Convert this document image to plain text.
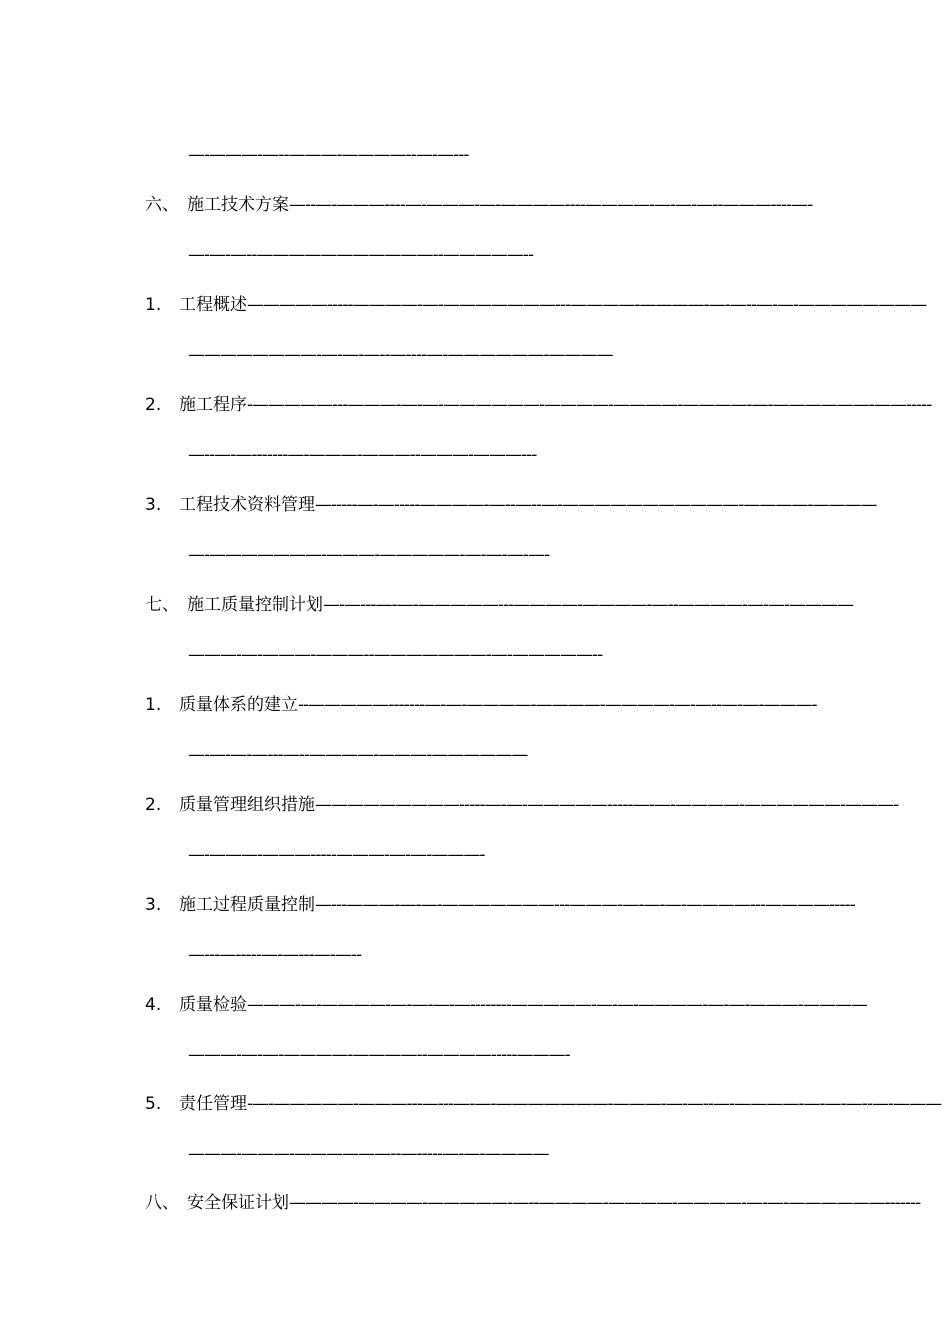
—-———-—--———-————--—-—---
六、 施工技术方案—--—-———----—-———-—-————----————-—-—-—--———----—-
—-—-—--———————————--—————--
1. 工程概述—————-----————-—-———————---————-————-—-—--—-—-————————
————————-—-—-—--—----—-——————-————
2. 施工程序-—————---———-—-—-——————-————-————-————-—-——————-——-----
—--—-—-------—-———-———--———-———---
3. 工程技术资料管理—-----—-—-----————-—--—--—-———————————-————-————
—-———————-———-—————-—-—-—-—-
七、 施工质量控制计划—-—---—-—-—————---————-————-—--————-—-—-————
———-—-———-———--———————-—-—————--
1. 质量体系的建立--—————-------—-—-————-————-————-—-—--—-—-———-
—-—-—-—---—--————-———-——————
2. 质量管理组织措施—————————-----—-—-—————-----—-—-————-——————-———-
—-———-———-----———-—-—-———-
3. 施工过程质量控制—---———-—-—-———————---———-—-—-—-————---————-----
—---—-----—-—---—-—--
4. 质量检验———-—-————-—-—-—-—--------—————-—-—-————-—-—-———-————
———-—-—-————-————--————-----———-
5. 责任管理-—-—————-———---—---—-—-———————-———-—-—--—-————-—-—-—--—-———
———-———-——————--—-----—-—-————
八、 安全保证计划————-————-—————-—--————-————-————-—-—-——————-------
